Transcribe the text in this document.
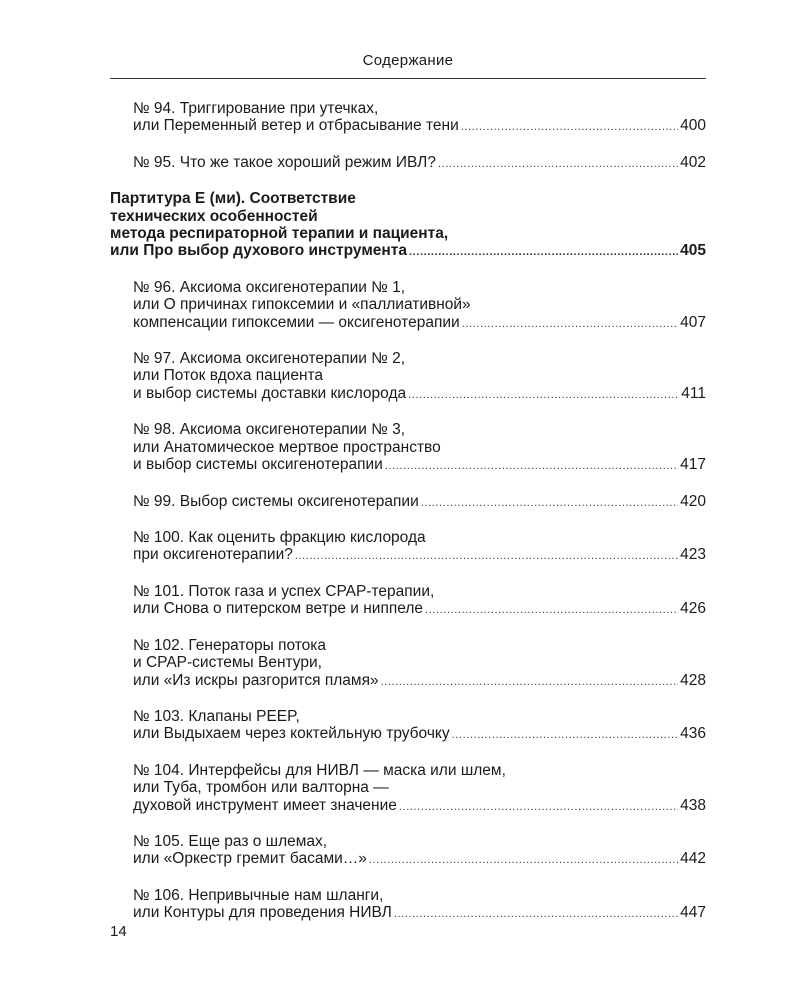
Содержание
№ 94. Триггирование при утечках,
или Переменный ветер и отбрасывание тени .....	400
№ 95. Что же такое хороший режим ИВЛ? .....	402
Партитура Е (ми). Соответствие
технических особенностей
метода респираторной терапии и пациента,
или Про выбор духового инструмента .....	405
№ 96. Аксиома оксигенотерапии № 1,
или О причинах гипоксемии и «паллиативной»
компенсации гипоксемии — оксигенотерапии .....	407
№ 97. Аксиома оксигенотерапии № 2,
или Поток вдоха пациента
и выбор системы доставки кислорода .....	411
№ 98. Аксиома оксигенотерапии № 3,
или Анатомическое мертвое пространство
и выбор системы оксигенотерапии .....	417
№ 99. Выбор системы оксигенотерапии .....	420
№ 100. Как оценить фракцию кислорода
при оксигенотерапии? .....	423
№ 101. Поток газа и успех CPAP-терапии,
или Снова о питерском ветре и ниппеле .....	426
№ 102. Генераторы потока
и CPAP-системы Вентури,
или «Из искры разгорится пламя» .....	428
№ 103. Клапаны PEEP,
или Выдыхаем через коктейльную трубочку .....	436
№ 104. Интерфейсы для НИВЛ — маска или шлем,
или Туба, тромбон или валторна —
духовой инструмент имеет значение .....	438
№ 105. Еще раз о шлемах,
или «Оркестр гремит басами…» .....	442
№ 106. Непривычные нам шланги,
или Контуры для проведения НИВЛ .....	447
14
